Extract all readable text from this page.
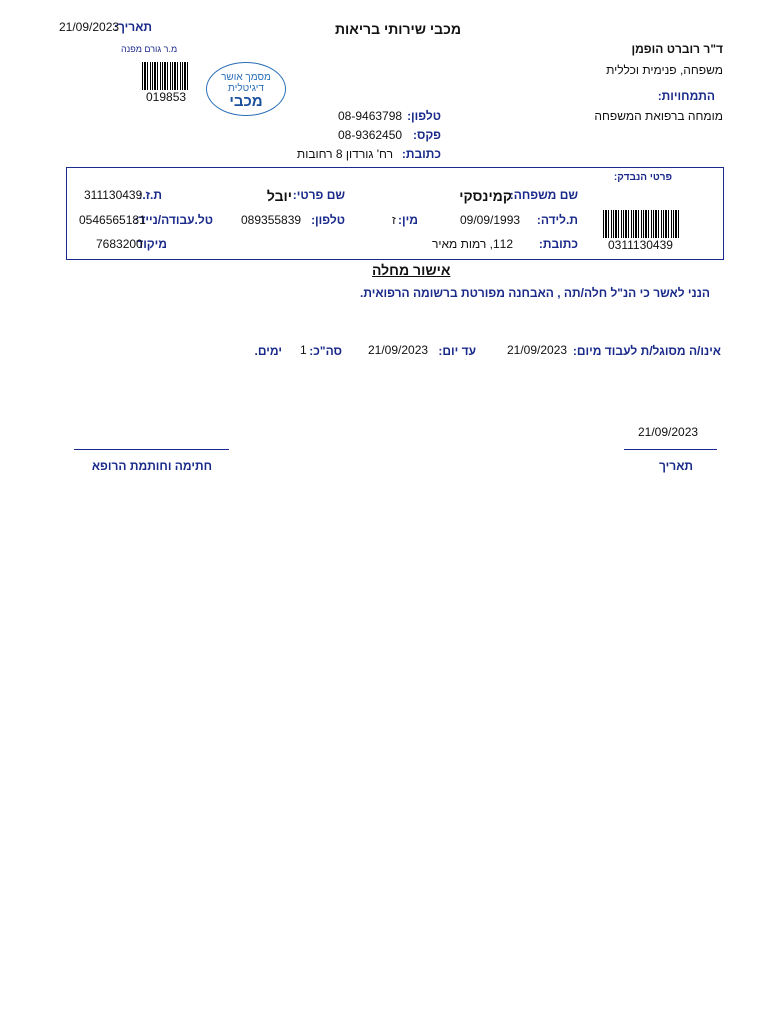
מכבי שירותי בריאות
תאריך:
21/09/2023
מ.ר גורם מפנה
019853
מסמך אושר
דיגיטלית
מכבי
ד"ר רוברט הופמן
משפחה, פנימית וכללית
התמחויות:
מומחה ברפואת המשפחה
טלפון:
08-9463798
פקס:
08-9362450
כתובת:
רח' גורדון 8 רחובות
פרטי הנבדק:
שם משפחה:
קמינסקי
שם פרטי:
יובל
ת.ז.:
311130439
0311130439
ת.לידה:
09/09/1993
מין:
ז
טלפון:
089355839
טל.עבודה/נייד:
0546565181
כתובת:
112, רמות מאיר
מיקוד
7683200
אישור מחלה
הנני לאשר כי הנ"ל חלה/תה , האבחנה מפורטת ברשומה הרפואית.
אינו/ה מסוגל/ת לעבוד מיום:
21/09/2023
עד יום:
21/09/2023
סה"כ:
1
ימים.
21/09/2023
תאריך
חתימה וחותמת הרופא
